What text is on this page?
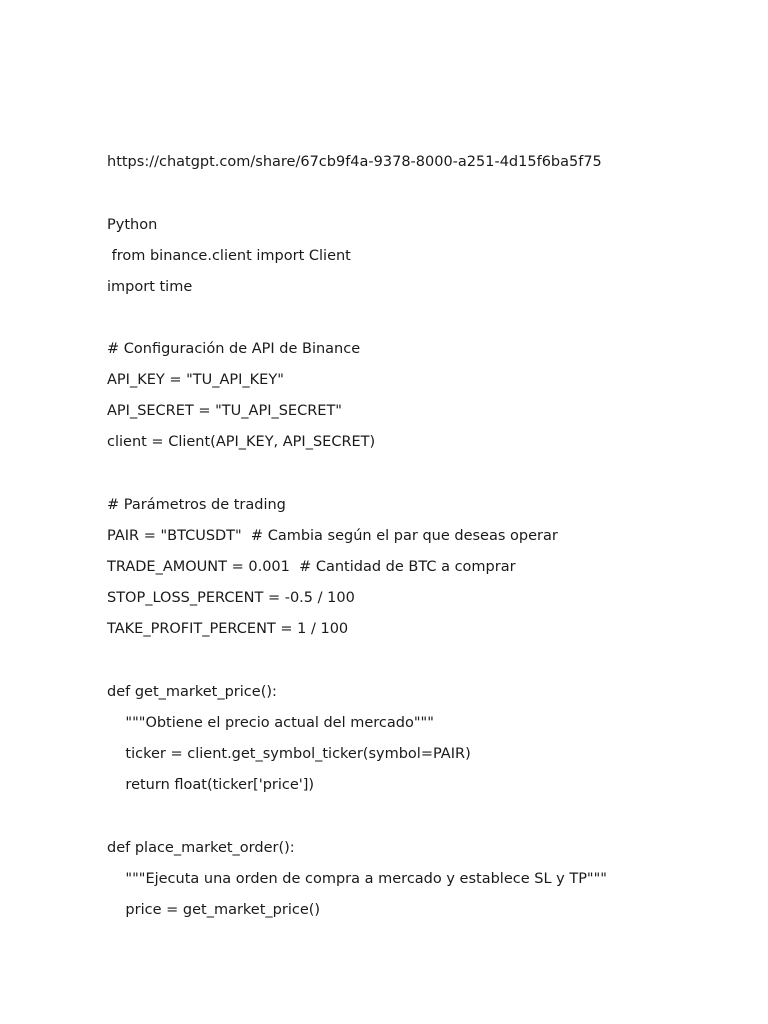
https://chatgpt.com/share/67cb9f4a-9378-8000-a251-4d15f6ba5f75
Python
from binance.client import Client
import time
# Configuración de API de Binance
API_KEY = "TU_API_KEY"
API_SECRET = "TU_API_SECRET"
client = Client(API_KEY, API_SECRET)
# Parámetros de trading
PAIR = "BTCUSDT"  # Cambia según el par que deseas operar
TRADE_AMOUNT = 0.001  # Cantidad de BTC a comprar
STOP_LOSS_PERCENT = -0.5 / 100
TAKE_PROFIT_PERCENT = 1 / 100
def get_market_price():
"""Obtiene el precio actual del mercado"""
ticker = client.get_symbol_ticker(symbol=PAIR)
return float(ticker['price'])
def place_market_order():
"""Ejecuta una orden de compra a mercado y establece SL y TP"""
price = get_market_price()
